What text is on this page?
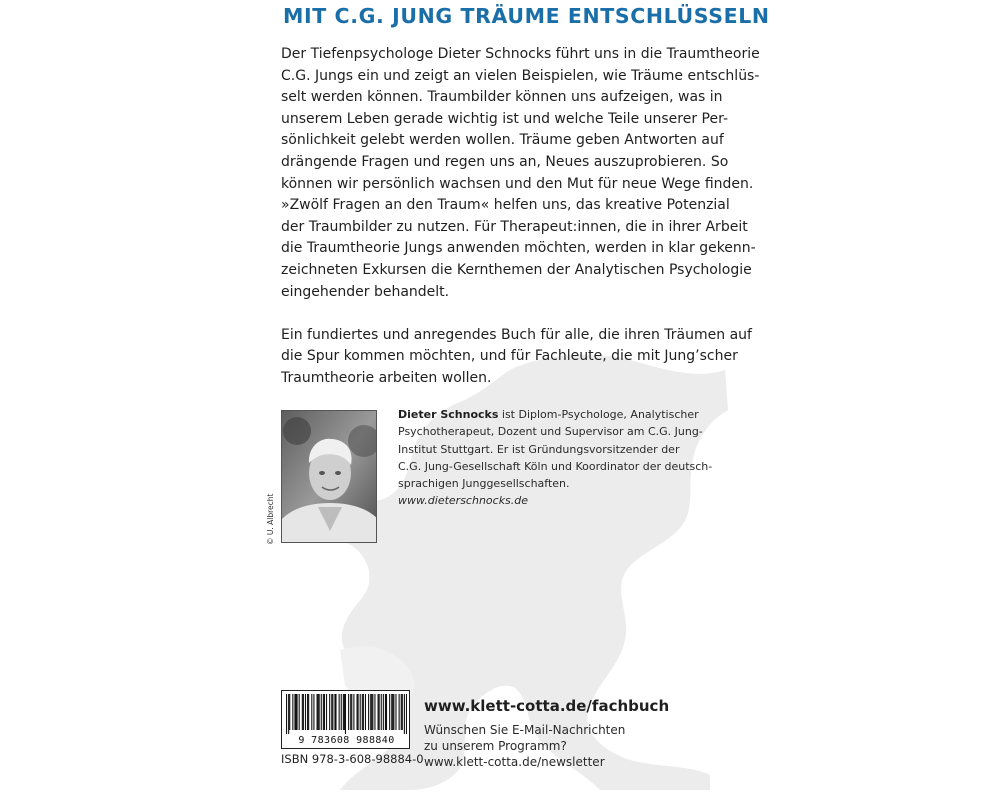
MIT C.G. JUNG TRÄUME ENTSCHLÜSSELN
Der Tiefenpsychologe Dieter Schnocks führt uns in die Traumtheorie
C.G. Jungs ein und zeigt an vielen Beispielen, wie Träume entschlüs-
selt werden können. Traumbilder können uns aufzeigen, was in
unserem Leben gerade wichtig ist und welche Teile unserer Per-
sönlichkeit gelebt werden wollen. Träume geben Antworten auf
drängende Fragen und regen uns an, Neues auszuprobieren. So
können wir persönlich wachsen und den Mut für neue Wege finden.
»Zwölf Fragen an den Traum« helfen uns, das kreative Potenzial
der Traumbilder zu nutzen. Für Therapeut:innen, die in ihrer Arbeit
die Traumtheorie Jungs anwenden möchten, werden in klar gekenn-
zeichneten Exkursen die Kernthemen der Analytischen Psychologie
eingehender behandelt.
Ein fundiertes und anregendes Buch für alle, die ihren Träumen auf
die Spur kommen möchten, und für Fachleute, die mit Jung’scher
Traumtheorie arbeiten wollen.
© U. Albrecht
Dieter Schnocks ist Diplom-Psychologe, Analytischer
Psychotherapeut, Dozent und Supervisor am C.G. Jung-
Institut Stuttgart. Er ist Gründungsvorsitzender der
C.G. Jung-Gesellschaft Köln und Koordinator der deutsch-
sprachigen Junggesellschaften.
www.dieterschnocks.de
9 783608 988840
ISBN 978-3-608-98884-0
www.klett-cotta.de/fachbuch
Wünschen Sie E-Mail-Nachrichten
zu unserem Programm?
www.klett-cotta.de/newsletter
